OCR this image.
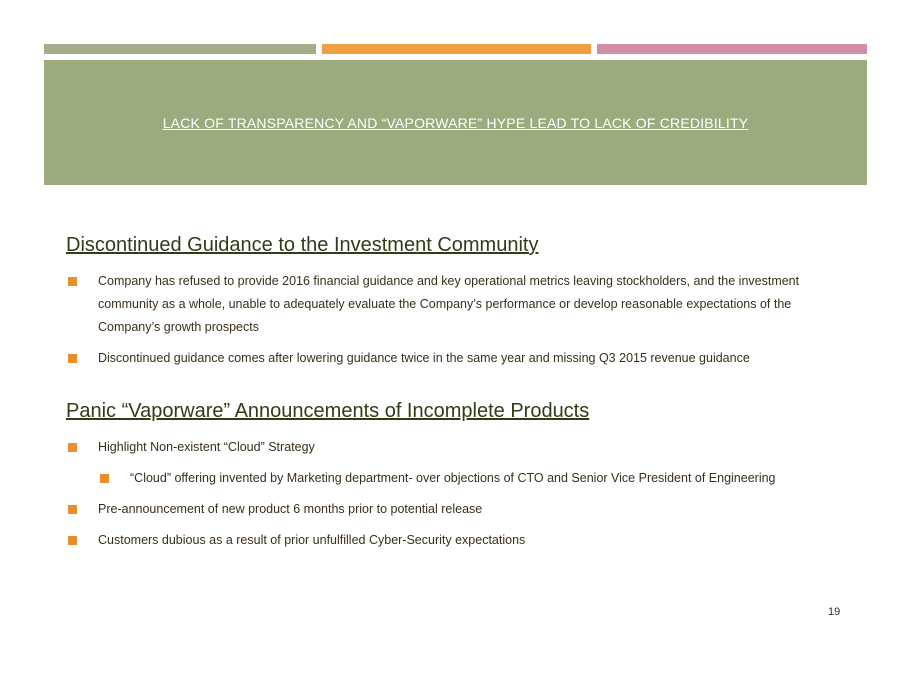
LACK OF TRANSPARENCY AND “VAPORWARE” HYPE LEAD TO LACK OF CREDIBILITY
Discontinued Guidance to the Investment Community
Company has refused to provide 2016 financial guidance and key operational metrics leaving stockholders, and the investment community as a whole, unable to adequately evaluate the Company’s performance or develop reasonable expectations of the Company’s growth prospects
Discontinued guidance comes after lowering guidance twice in the same year and missing Q3 2015 revenue guidance
Panic “Vaporware” Announcements of Incomplete Products
Highlight Non-existent “Cloud” Strategy
“Cloud” offering invented by Marketing department- over objections of CTO and Senior Vice President of Engineering
Pre-announcement of new product 6 months prior to potential release
Customers dubious as a result of prior unfulfilled Cyber-Security expectations
19
